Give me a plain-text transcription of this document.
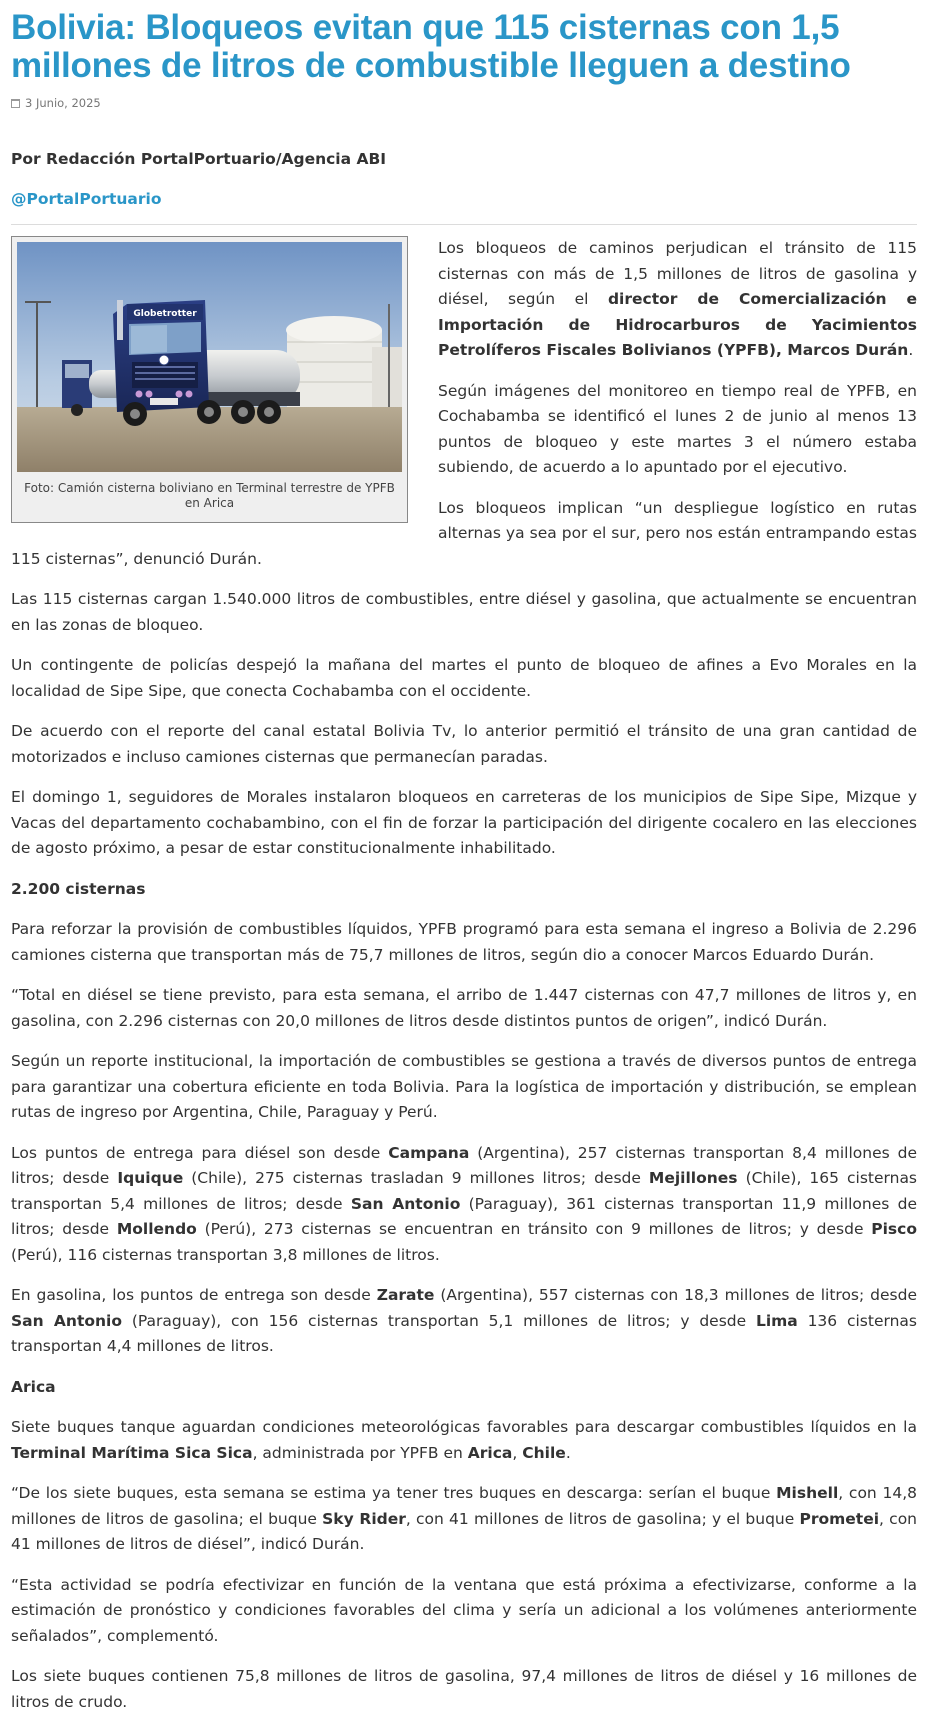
Bolivia: Bloqueos evitan que 115 cisternas con 1,5 millones de litros de combustible lleguen a destino
3 Junio, 2025
Por Redacción PortalPortuario/Agencia ABI
@PortalPortuario
Globetrotter
Foto: Camión cisterna boliviano en Terminal terrestre de YPFB en Arica

Los bloqueos de caminos perjudican el tránsito de 115 cisternas con más de 1,5 millones de litros de gasolina y diésel, según el director de Comercialización e Importación de Hidrocarburos de Yacimientos Petrolíferos Fiscales Bolivianos (YPFB), Marcos Durán.

Según imágenes del monitoreo en tiempo real de YPFB, en Cochabamba se identificó el lunes 2 de junio al menos 13 puntos de bloqueo y este martes 3 el número estaba subiendo, de acuerdo a lo apuntado por el ejecutivo.

Los bloqueos implican “un despliegue logístico en rutas alternas ya sea por el sur, pero nos están entrampando estas 115 cisternas”, denunció Durán.

Las 115 cisternas cargan 1.540.000 litros de combustibles, entre diésel y gasolina, que actualmente se encuentran en las zonas de bloqueo.

Un contingente de policías despejó la mañana del martes el punto de bloqueo de afines a Evo Morales en la localidad de Sipe Sipe, que conecta Cochabamba con el occidente.

De acuerdo con el reporte del canal estatal Bolivia Tv, lo anterior permitió el tránsito de una gran cantidad de motorizados e incluso camiones cisternas que permanecían paradas.

El domingo 1, seguidores de Morales instalaron bloqueos en carreteras de los municipios de Sipe Sipe, Mizque y Vacas del departamento cochabambino, con el fin de forzar la participación del dirigente cocalero en las elecciones de agosto próximo, a pesar de estar constitucionalmente inhabilitado.

2.200 cisternas

Para reforzar la provisión de combustibles líquidos, YPFB programó para esta semana el ingreso a Bolivia de 2.296 camiones cisterna que transportan más de 75,7 millones de litros, según dio a conocer Marcos Eduardo Durán.

“Total en diésel se tiene previsto, para esta semana, el arribo de 1.447 cisternas con 47,7 millones de litros y, en gasolina, con 2.296 cisternas con 20,0 millones de litros desde distintos puntos de origen”, indicó Durán.

Según un reporte institucional, la importación de combustibles se gestiona a través de diversos puntos de entrega para garantizar una cobertura eficiente en toda Bolivia. Para la logística de importación y distribución, se emplean rutas de ingreso por Argentina, Chile, Paraguay y Perú.

Los puntos de entrega para diésel son desde Campana (Argentina), 257 cisternas transportan 8,4 millones de litros; desde Iquique (Chile), 275 cisternas trasladan 9 millones litros; desde Mejillones (Chile), 165 cisternas transportan 5,4 millones de litros; desde San Antonio (Paraguay), 361 cisternas transportan 11,9 millones de litros; desde Mollendo (Perú), 273 cisternas se encuentran en tránsito con 9 millones de litros; y desde Pisco (Perú), 116 cisternas transportan 3,8 millones de litros.

En gasolina, los puntos de entrega son desde Zarate (Argentina), 557 cisternas con 18,3 millones de litros; desde San Antonio (Paraguay), con 156 cisternas transportan 5,1 millones de litros; y desde Lima 136 cisternas transportan 4,4 millones de litros.

Arica

Siete buques tanque aguardan condiciones meteorológicas favorables para descargar combustibles líquidos en la Terminal Marítima Sica Sica, administrada por YPFB en Arica, Chile.

“De los siete buques, esta semana se estima ya tener tres buques en descarga: serían el buque Mishell, con 14,8 millones de litros de gasolina; el buque Sky Rider, con 41 millones de litros de gasolina; y el buque Prometei, con 41 millones de litros de diésel”, indicó Durán.

“Esta actividad se podría efectivizar en función de la ventana que está próxima a efectivizarse, conforme a la estimación de pronóstico y condiciones favorables del clima y sería un adicional a los volúmenes anteriormente señalados”, complementó.

Los siete buques contienen 75,8 millones de litros de gasolina, 97,4 millones de litros de diésel y 16 millones de litros de crudo.
